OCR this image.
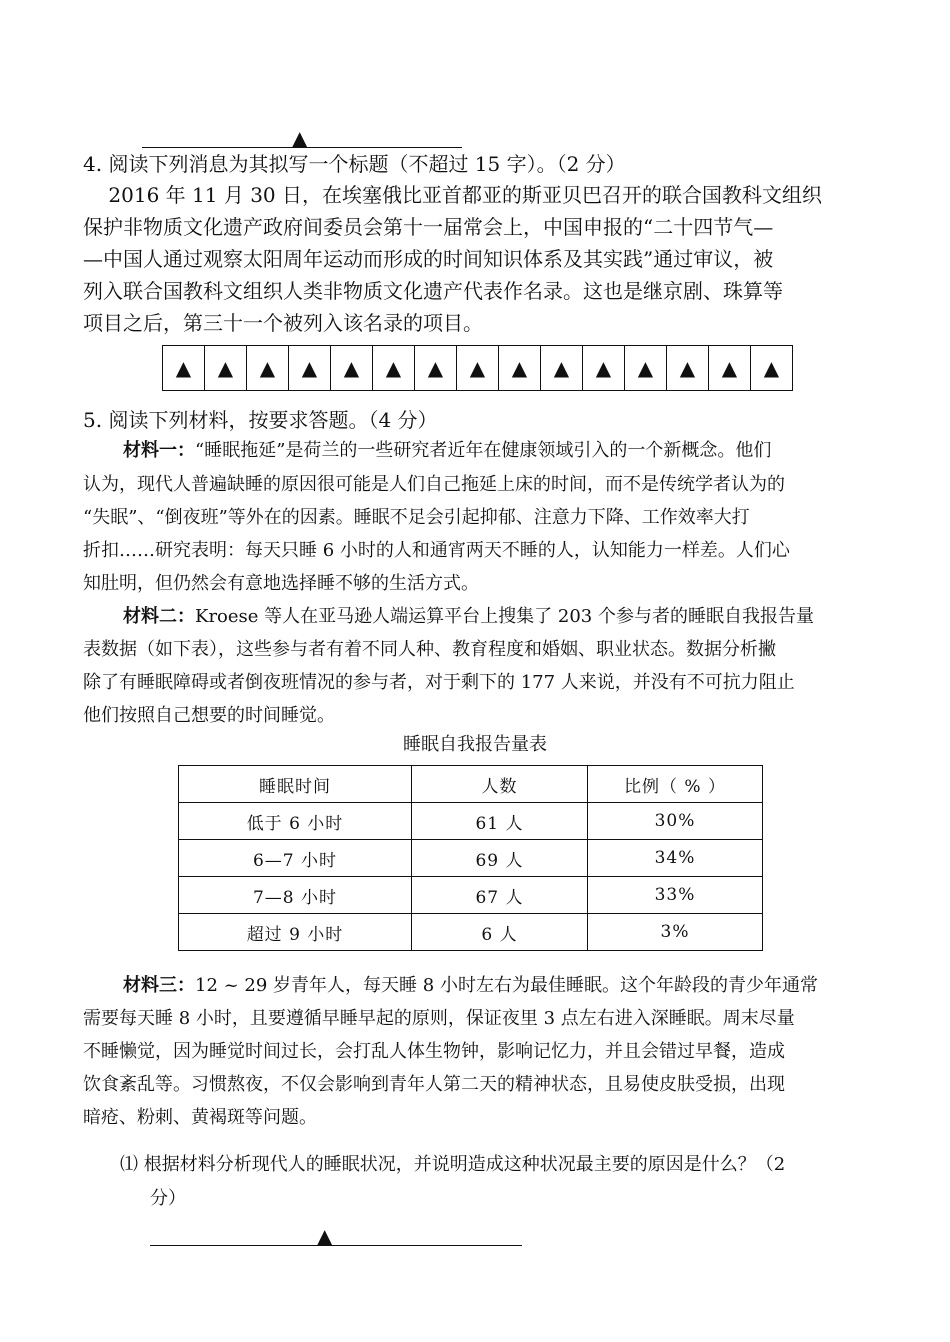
▲
4. 阅读下列消息为其拟写一个标题（不超过 15 字）。（2 分）
2016 年 11 月 30 日，在埃塞俄比亚首都亚的斯亚贝巴召开的联合国教科文组织
保护非物质文化遗产政府间委员会第十一届常会上，中国申报的“二十四节气—
—中国人通过观察太阳周年运动而形成的时间知识体系及其实践”通过审议，被
列入联合国教科文组织人类非物质文化遗产代表作名录。这也是继京剧、珠算等
项目之后，第三十一个被列入该名录的项目。
▲	▲	▲	▲	▲	▲	▲	▲	▲	▲	▲	▲	▲	▲	▲
5. 阅读下列材料，按要求答题。（4 分）
材料一：“睡眠拖延”是荷兰的一些研究者近年在健康领域引入的一个新概念。他们
认为，现代人普遍缺睡的原因很可能是人们自己拖延上床的时间，而不是传统学者认为的
“失眠”、“倒夜班”等外在的因素。睡眠不足会引起抑郁、注意力下降、工作效率大打
折扣……研究表明：每天只睡 6 小时的人和通宵两天不睡的人，认知能力一样差。人们心
知肚明，但仍然会有意地选择睡不够的生活方式。
材料二：Kroese 等人在亚马逊人端运算平台上搜集了 203 个参与者的睡眠自我报告量
表数据（如下表），这些参与者有着不同人种、教育程度和婚姻、职业状态。数据分析撇
除了有睡眠障碍或者倒夜班情况的参与者，对于剩下的 177 人来说，并没有不可抗力阻止
他们按照自己想要的时间睡觉。
睡眠自我报告量表
睡眠时间	人数	比例（ % ）
低于 6 小时	61 人	30%
6—7 小时	69 人	34%
7—8 小时	67 人	33%
超过 9 小时	6 人	3%
材料三：12 ~ 29 岁青年人，每天睡 8 小时左右为最佳睡眠。这个年龄段的青少年通常
需要每天睡 8 小时，且要遵循早睡早起的原则，保证夜里 3 点左右进入深睡眠。周末尽量
不睡懒觉，因为睡觉时间过长，会打乱人体生物钟，影响记忆力，并且会错过早餐，造成
饮食紊乱等。习惯熬夜，不仅会影响到青年人第二天的精神状态，且易使皮肤受损，出现
暗疮、粉刺、黄褐斑等问题。
⑴ 根据材料分析现代人的睡眠状况，并说明造成这种状况最主要的原因是什么？（2
分）
▲
